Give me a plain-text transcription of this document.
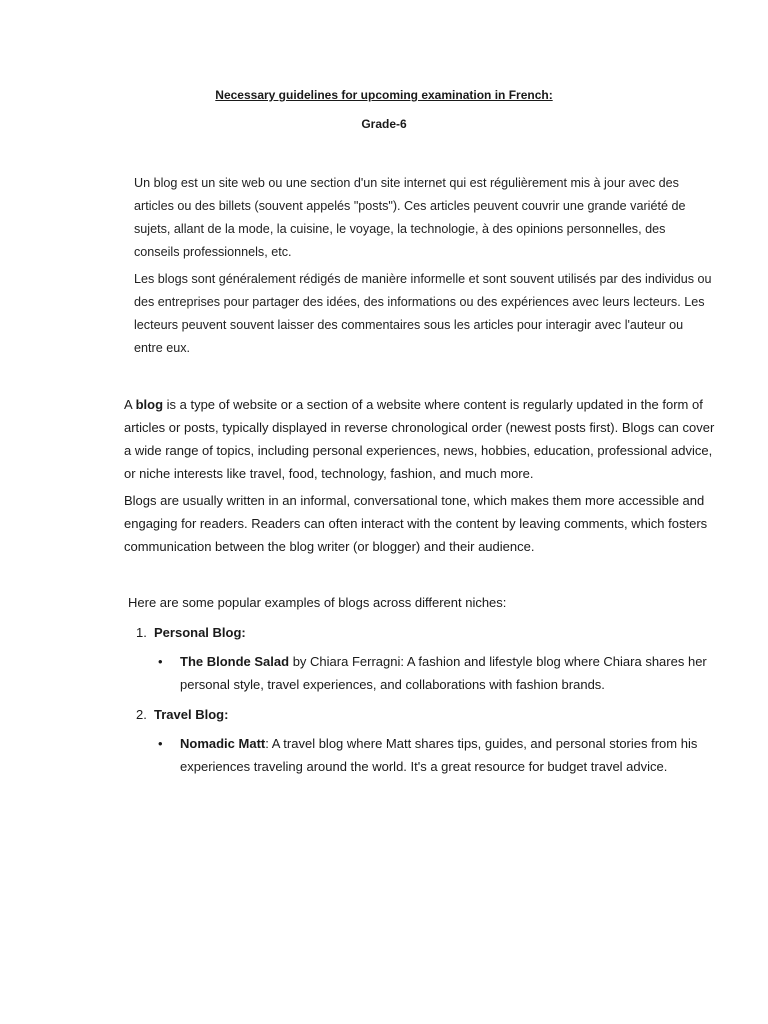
Necessary guidelines for upcoming examination in French:
Grade-6

Un blog est un site web ou une section d'un site internet qui est régulièrement mis à jour avec des articles ou des billets (souvent appelés "posts"). Ces articles peuvent couvrir une grande variété de sujets, allant de la mode, la cuisine, le voyage, la technologie, à des opinions personnelles, des conseils professionnels, etc.

Les blogs sont généralement rédigés de manière informelle et sont souvent utilisés par des individus ou des entreprises pour partager des idées, des informations ou des expériences avec leurs lecteurs. Les lecteurs peuvent souvent laisser des commentaires sous les articles pour interagir avec l'auteur ou entre eux.

A blog is a type of website or a section of a website where content is regularly updated in the form of articles or posts, typically displayed in reverse chronological order (newest posts first). Blogs can cover a wide range of topics, including personal experiences, news, hobbies, education, professional advice, or niche interests like travel, food, technology, fashion, and much more.

Blogs are usually written in an informal, conversational tone, which makes them more accessible and engaging for readers. Readers can often interact with the content by leaving comments, which fosters communication between the blog writer (or blogger) and their audience.

Here are some popular examples of blogs across different niches:

1. Personal Blog:
•	The Blonde Salad by Chiara Ferragni: A fashion and lifestyle blog where Chiara shares her personal style, travel experiences, and collaborations with fashion brands.
2. Travel Blog:
•	Nomadic Matt: A travel blog where Matt shares tips, guides, and personal stories from his experiences traveling around the world. It's a great resource for budget travel advice.
